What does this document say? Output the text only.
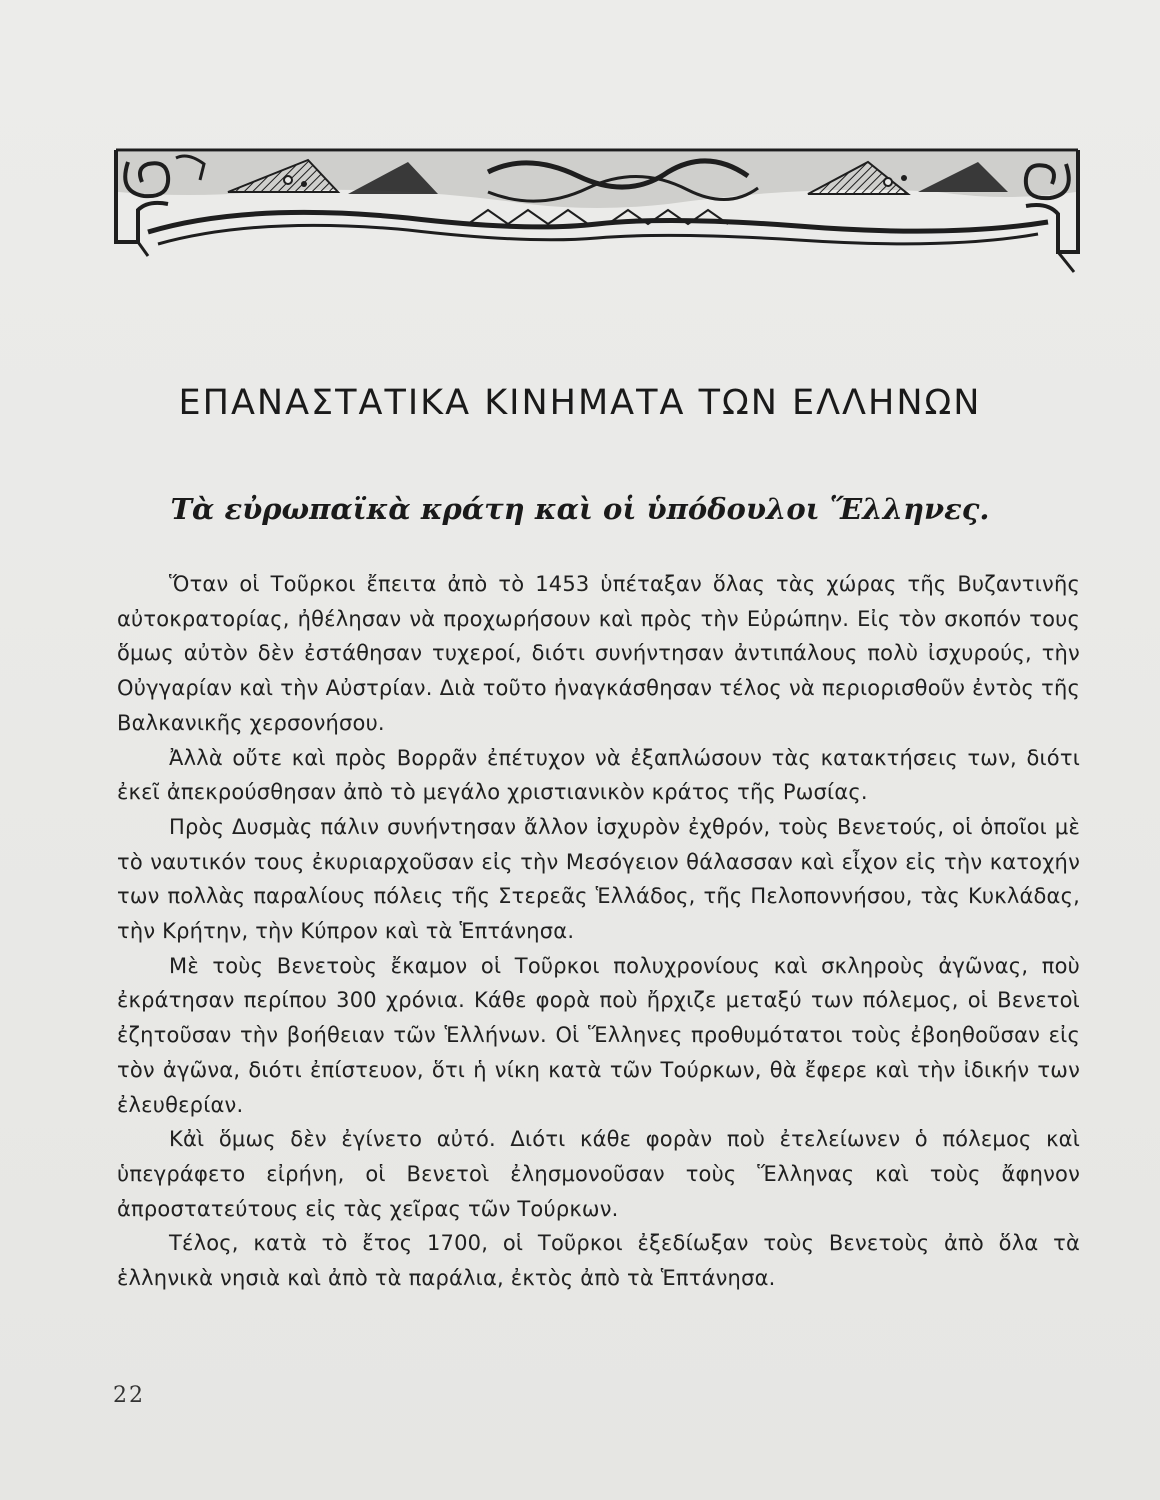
ΕΠΑΝΑΣΤΑΤΙΚΑ ΚΙΝΗΜΑΤΑ ΤΩΝ ΕΛΛΗΝΩΝ
Τὰ εὐρωπαϊκὰ κράτη καὶ οἱ ὑπόδουλοι Ἕλληνες.

Ὅταν οἱ Τοῦρκοι ἔπειτα ἀπὸ τὸ 1453 ὑπέταξαν ὅλας τὰς χώρας τῆς Βυζαντινῆς αὐτοκρατορίας, ἠθέλησαν νὰ προχωρήσουν καὶ πρὸς τὴν Εὐρώπην. Εἰς τὸν σκοπόν τους ὅμως αὐτὸν δὲν ἐστάθησαν τυχεροί, διότι συνήντησαν ἀντιπάλους πολὺ ἰσχυρούς, τὴν Οὐγγαρίαν καὶ τὴν Αὐστρίαν. Διὰ τοῦτο ἠναγκάσθησαν τέλος νὰ περιορισθοῦν ἐντὸς τῆς Βαλκανικῆς χερσονήσου.

Ἀλλὰ οὔτε καὶ πρὸς Βορρᾶν ἐπέτυχον νὰ ἐξαπλώσουν τὰς κατακτήσεις των, διότι ἐκεῖ ἀπεκρούσθησαν ἀπὸ τὸ μεγάλο χριστιανικὸν κράτος τῆς Ρωσίας.

Πρὸς Δυσμὰς πάλιν συνήντησαν ἄλλον ἰσχυρὸν ἐχθρόν, τοὺς Βενετούς, οἱ ὁποῖοι μὲ τὸ ναυτικόν τους ἐκυριαρχοῦσαν εἰς τὴν Μεσόγειον θάλασσαν καὶ εἶχον εἰς τὴν κατοχήν των πολλὰς παραλίους πόλεις τῆς Στερεᾶς Ἑλλάδος, τῆς Πελοποννήσου, τὰς Κυκλάδας, τὴν Κρήτην, τὴν Κύπρον καὶ τὰ Ἑπτάνησα.

Μὲ τοὺς Βενετοὺς ἔκαμον οἱ Τοῦρκοι πολυχρονίους καὶ σκληροὺς ἀγῶνας, ποὺ ἐκράτησαν περίπου 300 χρόνια. Κάθε φορὰ ποὺ ἤρχιζε μεταξύ των πόλεμος, οἱ Βενετοὶ ἐζητοῦσαν τὴν βοήθειαν τῶν Ἑλλήνων. Οἱ Ἕλληνες προθυμότατοι τοὺς ἐβοηθοῦσαν εἰς τὸν ἀγῶνα, διότι ἐπίστευον, ὅτι ἡ νίκη κατὰ τῶν Τούρκων, θὰ ἔφερε καὶ τὴν ἰδικήν των ἐλευθερίαν.

Κἀὶ ὅμως δὲν ἐγίνετο αὐτό. Διότι κάθε φορὰν ποὺ ἐτελείωνεν ὁ πόλεμος καὶ ὑπεγράφετο εἰρήνη, οἱ Βενετοὶ ἐλησμονοῦσαν τοὺς Ἕλληνας καὶ τοὺς ἄφηνον ἀπροστατεύτους εἰς τὰς χεῖρας τῶν Τούρκων.

Τέλος, κατὰ τὸ ἔτος 1700, οἱ Τοῦρκοι ἐξεδίωξαν τοὺς Βενετοὺς ἀπὸ ὅλα τὰ ἑλληνικὰ νησιὰ καὶ ἀπὸ τὰ παράλια, ἐκτὸς ἀπὸ τὰ Ἑπτάνησα.

22
